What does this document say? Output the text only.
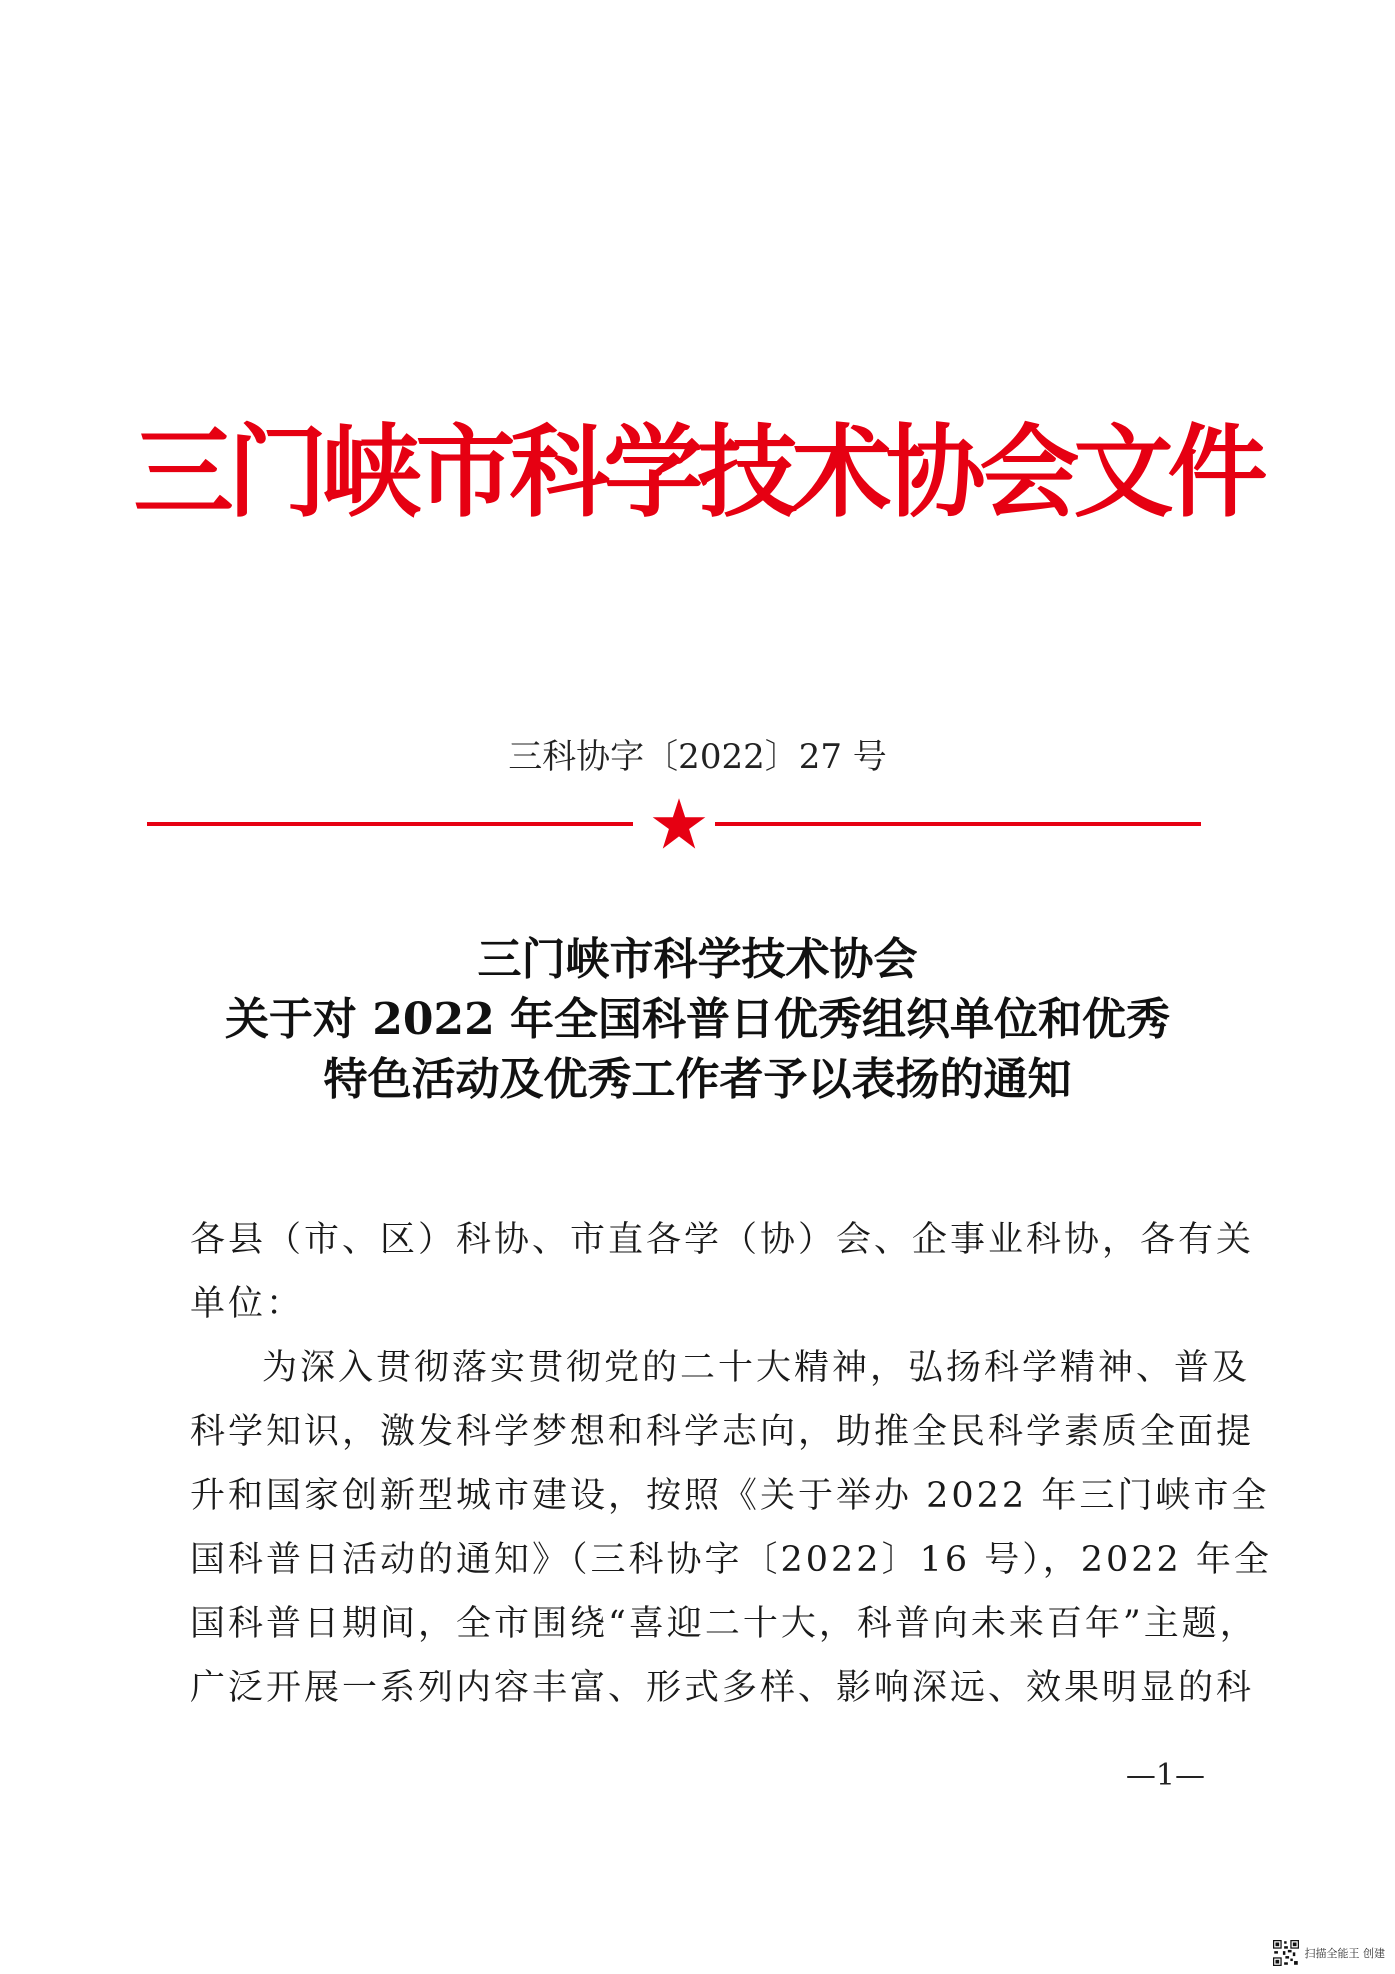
三门峡市科学技术协会文件
三科协字〔2022〕27 号
三门峡市科学技术协会
关于对 2022 年全国科普日优秀组织单位和优秀
特色活动及优秀工作者予以表扬的通知
各县（市、区）科协、市直各学（协）会、企事业科协，各有关
单位：
为深入贯彻落实贯彻党的二十大精神，弘扬科学精神、普及
科学知识，激发科学梦想和科学志向，助推全民科学素质全面提
升和国家创新型城市建设，按照《关于举办 2022 年三门峡市全
国科普日活动的通知》（三科协字〔2022〕16 号），2022 年全
国科普日期间，全市围绕“喜迎二十大，科普向未来百年”主题，
广泛开展一系列内容丰富、形式多样、影响深远、效果明显的科
—1—
扫描全能王 创建
